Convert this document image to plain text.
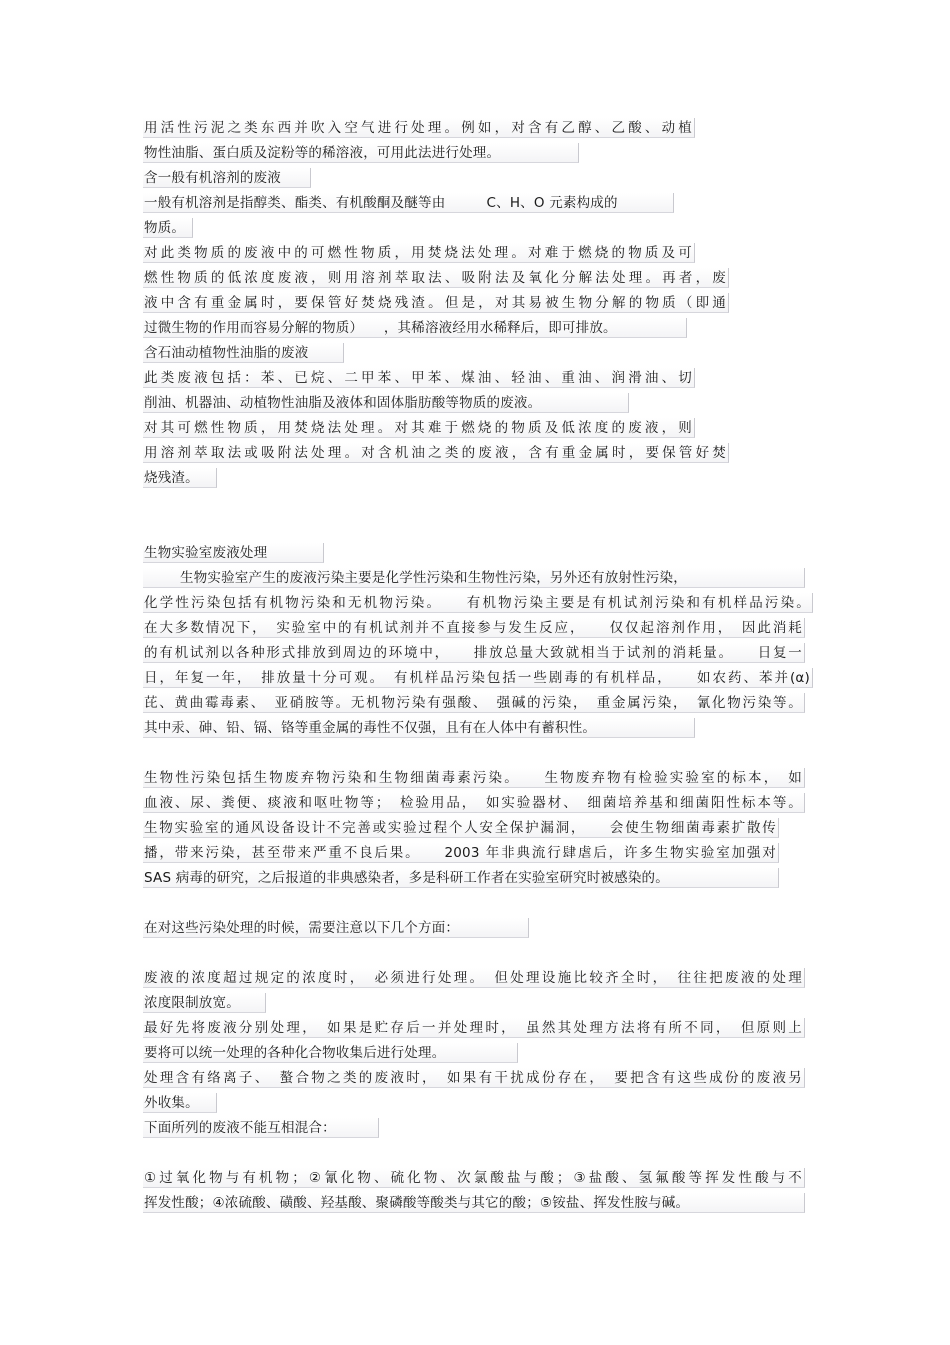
用活性污泥之类东西并吹入空气进行处理。例如，对含有乙醇、乙酸、动植
物性油脂、蛋白质及淀粉等的稀溶液，可用此法进行处理。
含一般有机溶剂的废液
一般有机溶剂是指醇类、酯类、有机酸酮及醚等由　　　C、H、O 元素构成的
物质。
对此类物质的废液中的可燃性物质，用焚烧法处理。对难于燃烧的物质及可
燃性物质的低浓度废液，则用溶剂萃取法、吸附法及氧化分解法处理。再者，废
液中含有重金属时，要保管好焚烧残渣。但是，对其易被生物分解的物质（即通
过微生物的作用而容易分解的物质）　　，其稀溶液经用水稀释后，即可排放。
含石油动植物性油脂的废液
此类废液包括：苯、已烷、二甲苯、甲苯、煤油、轻油、重油、润滑油、切
削油、机器油、动植物性油脂及液体和固体脂肪酸等物质的废液。
对其可燃性物质，用焚烧法处理。对其难于燃烧的物质及低浓度的废液，则
用溶剂萃取法或吸附法处理。对含机油之类的废液，含有重金属时，要保管好焚
烧残渣。
生物实验室废液处理
生物实验室产生的废液污染主要是化学性污染和生物性污染，另外还有放射性污染，
化学性污染包括有机物污染和无机物污染。　　有机物污染主要是有机试剂污染和有机样品污染。
在大多数情况下，　实验室中的有机试剂并不直接参与发生反应，　　仅仅起溶剂作用，　因此消耗
的有机试剂以各种形式排放到周边的环境中，　　排放总量大致就相当于试剂的消耗量。　　日复一
日，年复一年，　排放量十分可观。　有机样品污染包括一些剧毒的有机样品，　　如农药、苯并(α)
芘、黄曲霉毒素、　亚硝胺等。无机物污染有强酸、　强碱的污染，　重金属污染，　氰化物污染等。
其中汞、砷、铅、镉、铬等重金属的毒性不仅强，且有在人体中有蓄积性。
生物性污染包括生物废弃物污染和生物细菌毒素污染。　　生物废弃物有检验实验室的标本，　如
血液、尿、粪便、痰液和呕吐物等；　检验用品，　如实验器材、　细菌培养基和细菌阳性标本等。
生物实验室的通风设备设计不完善或实验过程个人安全保护漏洞，　　会使生物细菌毒素扩散传
播，带来污染，甚至带来严重不良后果。　　2003 年非典流行肆虐后，许多生物实验室加强对
SAS 病毒的研究，之后报道的非典感染者，多是科研工作者在实验室研究时被感染的。
在对这些污染处理的时候，需要注意以下几个方面：
废液的浓度超过规定的浓度时，　必须进行处理。　但处理设施比较齐全时，　往往把废液的处理
浓度限制放宽。
最好先将废液分别处理，　如果是贮存后一并处理时，　虽然其处理方法将有所不同，　但原则上
要将可以统一处理的各种化合物收集后进行处理。
处理含有络离子、　螯合物之类的废液时，　如果有干扰成份存在，　要把含有这些成份的废液另
外收集。
下面所列的废液不能互相混合：
①过氧化物与有机物；②氰化物、硫化物、次氯酸盐与酸；③盐酸、氢氟酸等挥发性酸与不
挥发性酸；④浓硫酸、磺酸、羟基酸、聚磷酸等酸类与其它的酸；⑤铵盐、挥发性胺与碱。
